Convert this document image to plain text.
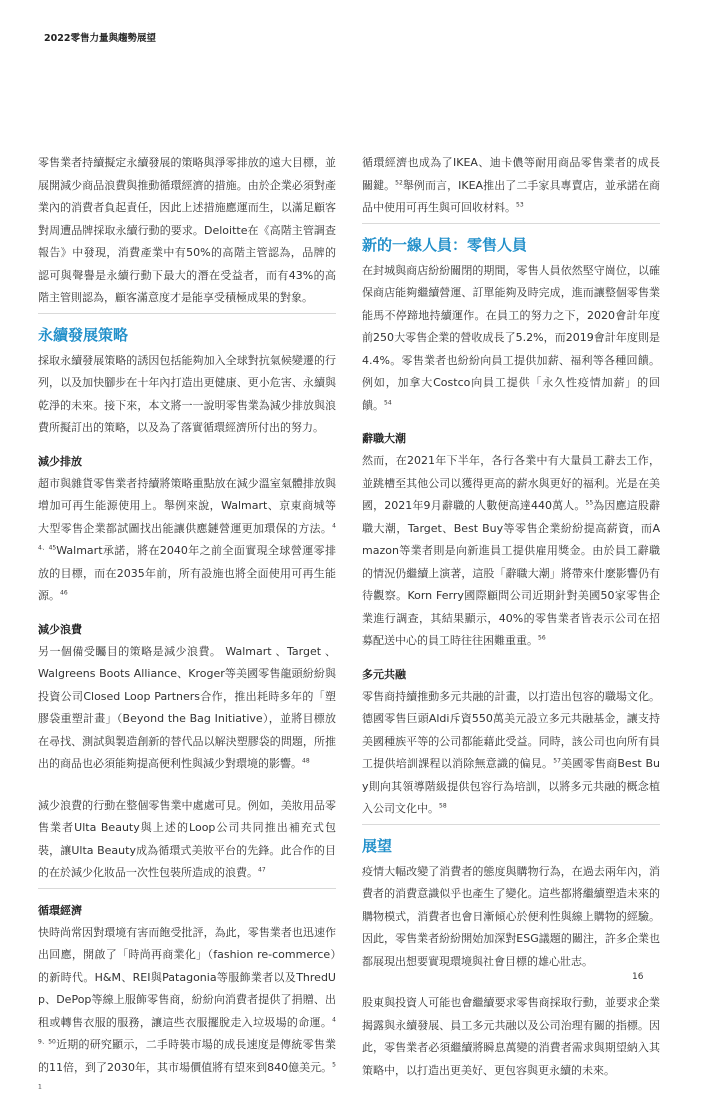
2022零售力量與趨勢展望

零售業者持續擬定永續發展的策略與淨零排放的遠大目標，並展開減少商品浪費與推動循環經濟的措施。由於企業必須對產業內的消費者負起責任，因此上述措施應運而生，以滿足顧客對周遭品牌採取永續行動的要求。Deloitte在《高階主管調查報告》中發現，消費產業中有50%的高階主管認為，品牌的認可與聲譽是永續行動下最大的潛在受益者，而有43%的高階主管則認為，顧客滿意度才是能享受積極成果的對象。

永續發展策略

採取永續發展策略的誘因包括能夠加入全球對抗氣候變遷的行列，以及加快腳步在十年內打造出更健康、更小危害、永續與乾淨的未來。接下來，本文將一一說明零售業為減少排放與浪費所擬訂出的策略，以及為了落實循環經濟所付出的努力。

減少排放

超市與雜貨零售業者持續將策略重點放在減少溫室氣體排放與增加可再生能源使用上。舉例來說，Walmart、京東商城等大型零售企業都試圖找出能讓供應鏈營運更加環保的方法。$^{44、45}$Walmart承諾，將在2040年之前全面實現全球營運零排放的目標，而在2035年前，所有設施也將全面使用可再生能源。$^{46}$

減少浪費

另一個備受矚目的策略是減少浪費。 Walmart 、Target 、Walgreens Boots Alliance、Kroger等美國零售龍頭紛紛與投資公司Closed Loop Partners合作，推出耗時多年的「塑膠袋重塑計畫」（Beyond the Bag Initiative），並將目標放在尋找、測試與製造創新的替代品以解決塑膠袋的問題，所推出的商品也必須能夠提高便利性與減少對環境的影響。$^{48}$

減少浪費的行動在整個零售業中處處可見。例如，美妝用品零售業者Ulta Beauty與上述的Loop公司共同推出補充式包裝，讓Ulta Beauty成為循環式美妝平台的先鋒。此合作的目的在於減少化妝品一次性包裝所造成的浪費。$^{47}$

循環經濟

快時尚常因對環境有害而飽受批評，為此，零售業者也迅速作出回應，開啟了「時尚再商業化」（fashion re-commerce）的新時代。H&M、REI與Patagonia等服飾業者以及ThredUp、DePop等線上服飾零售商，紛紛向消費者提供了捐贈、出租或轉售衣服的服務，讓這些衣服擺脫走入垃圾場的命運。$^{49、50}$近期的研究顯示，二手時裝市場的成長速度是傳統零售業的11倍，到了2030年，其市場價值將有望來到840億美元。$^{51}$

循環經濟也成為了IKEA、迪卡儂等耐用商品零售業者的成長關鍵。$^{52}$舉例而言，IKEA推出了二手家具專賣店，並承諾在商品中使用可再生與可回收材料。$^{53}$

新的一線人員：零售人員

在封城與商店紛紛關閉的期間，零售人員依然堅守崗位，以確保商店能夠繼續營運、訂單能夠及時完成，進而讓整個零售業能馬不停蹄地持續運作。在員工的努力之下，2020會計年度前250大零售企業的營收成長了5.2%，而2019會計年度則是4.4%。零售業者也紛紛向員工提供加薪、福利等各種回饋。例如，加拿大Costco向員工提供「永久性疫情加薪」的回饋。$^{54}$

辭職大潮

然而，在2021年下半年，各行各業中有大量員工辭去工作，並跳槽至其他公司以獲得更高的薪水與更好的福利。光是在美國，2021年9月辭職的人數便高達440萬人。$^{55}$為因應這股辭職大潮，Target、Best Buy等零售企業紛紛提高薪資，而Amazon等業者則是向新進員工提供雇用獎金。由於員工辭職的情況仍繼續上演著，這股「辭職大潮」將帶來什麼影響仍有待觀察。Korn Ferry國際顧問公司近期針對美國50家零售企業進行調查，其結果顯示，40%的零售業者皆表示公司在招募配送中心的員工時往往困難重重。$^{56}$

多元共融

零售商持續推動多元共融的計畫，以打造出包容的職場文化。德國零售巨頭Aldi斥資550萬美元設立多元共融基金，讓支持美國種族平等的公司都能藉此受益。同時，該公司也向所有員工提供培訓課程以消除無意識的偏見。$^{57}$美國零售商Best Buy則向其領導階級提供包容行為培訓，以將多元共融的概念植入公司文化中。$^{58}$

展望

疫情大幅改變了消費者的態度與購物行為，在過去兩年內，消費者的消費意識似乎也產生了變化。這些都將繼續塑造未來的購物模式，消費者也會日漸傾心於便利性與線上購物的經驗。因此，零售業者紛紛開始加深對ESG議題的關注，許多企業也都展現出想要實現環境與社會目標的雄心壯志。

股東與投資人可能也會繼續要求零售商採取行動，並要求企業揭露與永續發展、員工多元共融以及公司治理有關的指標。因此，零售業者必須繼續將瞬息萬變的消費者需求與期望納入其策略中，以打造出更美好、更包容與更永續的未來。

16
